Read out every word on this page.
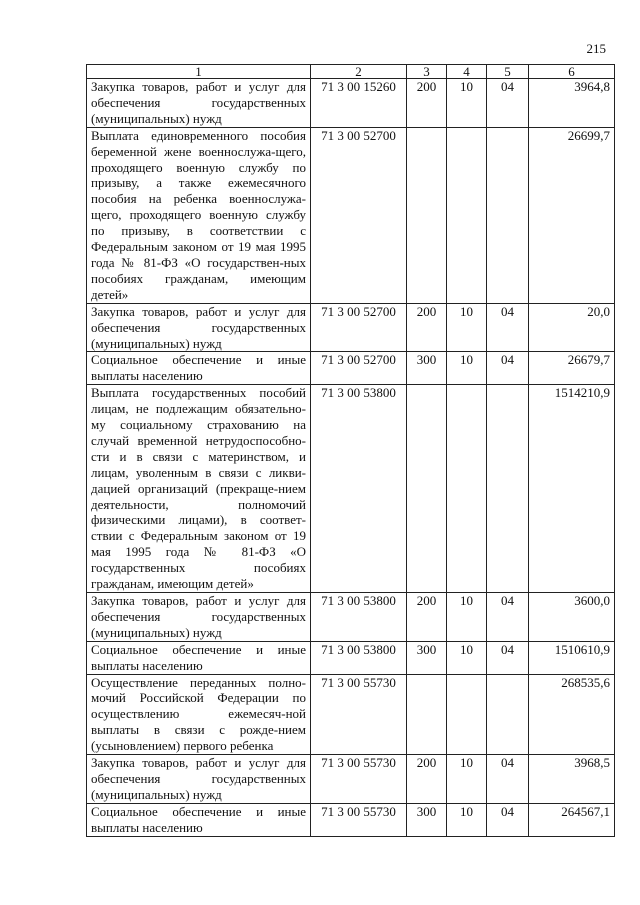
215
1	2	3	4	5	6
Закупка товаров, работ и услуг для обеспечения государственных (муниципальных) нужд	71 3 00 15260	200	10	04	3964,8
Выплата единовременного пособия беременной жене военнослужа-щего, проходящего военную службу по призыву, а также ежемесячного пособия на ребенка военнослужа-щего, проходящего военную службу по призыву, в соответствии с Федеральным законом от 19 мая 1995 года № 81-ФЗ «О государствен-ных пособиях гражданам, имеющим детей»	71 3 00 52700				26699,7
Закупка товаров, работ и услуг для обеспечения государственных (муниципальных) нужд	71 3 00 52700	200	10	04	20,0
Социальное обеспечение и иные выплаты населению	71 3 00 52700	300	10	04	26679,7
Выплата государственных пособий лицам, не подлежащим обязательно-му социальному страхованию на случай временной нетрудоспособно-сти и в связи с материнством, и лицам, уволенным в связи с ликви-дацией организаций (прекраще-нием деятельности, полномочий физическими лицами), в соответ-ствии с Федеральным законом от 19 мая 1995 года № 81-ФЗ «О государственных пособиях гражданам, имеющим детей»	71 3 00 53800				1514210,9
Закупка товаров, работ и услуг для обеспечения государственных (муниципальных) нужд	71 3 00 53800	200	10	04	3600,0
Социальное обеспечение и иные выплаты населению	71 3 00 53800	300	10	04	1510610,9
Осуществление переданных полно-мочий Российской Федерации по осуществлению ежемесяч-ной выплаты в связи с рожде-нием (усыновлением) первого ребенка	71 3 00 55730				268535,6
Закупка товаров, работ и услуг для обеспечения государственных (муниципальных) нужд	71 3 00 55730	200	10	04	3968,5
Социальное обеспечение и иные выплаты населению	71 3 00 55730	300	10	04	264567,1
